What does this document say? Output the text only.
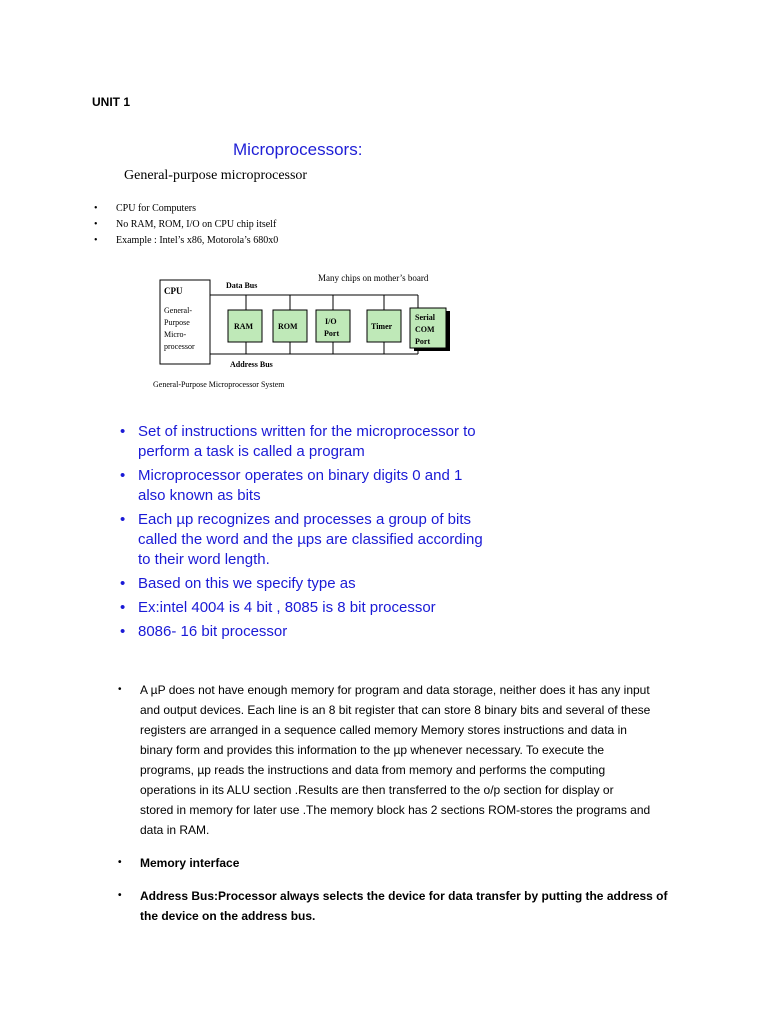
UNIT 1
Microprocessors:
General-purpose microprocessor
•	CPU for Computers
•	No RAM, ROM, I/O on CPU chip itself
•	Example : Intel’s x86, Motorola’s 680x0
Many chips on mother’s board
Data Bus
Address Bus
CPU
General-
Purpose
Micro-
processor
RAM	ROM
I/O
Port
Timer
Serial
COM
Port
General-Purpose Microprocessor System
• Set of instructions written for the microprocessor to
perform a task is called a program
• Microprocessor operates on binary digits 0 and 1
also known as bits
• Each µp recognizes and processes a group of bits
called the word and the µps are classified according
to their word length.
• Based on this we specify type as
• Ex:intel 4004 is 4 bit , 8085 is 8 bit processor
• 8086- 16 bit processor
•	A µP does not have enough memory for program and data storage, neither does it has any input
and output devices. Each line is an 8 bit register that can store 8 binary bits and several of these
registers are arranged in a sequence called memory Memory stores instructions and data in
binary form and provides this information to the µp whenever necessary. To execute the
programs, µp reads the instructions and data from memory and performs the computing
operations in its ALU section .Results are then transferred to the o/p section for display or
stored in memory for later use .The memory block has 2 sections ROM-stores the programs and
data in RAM.
•	Memory interface
•	Address Bus:Processor always selects the device for data transfer by putting the address of
the device on the address bus.
